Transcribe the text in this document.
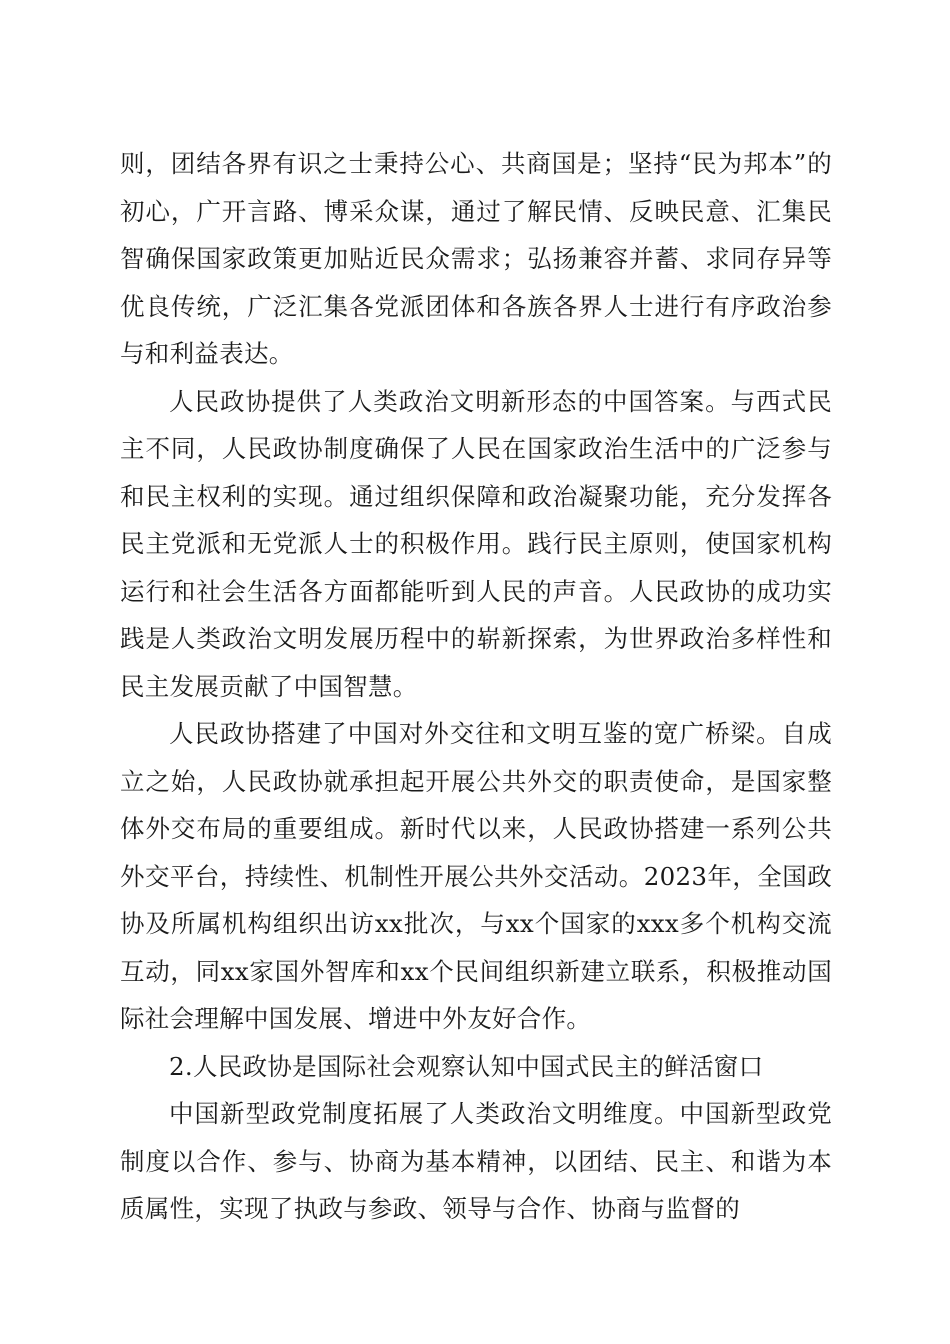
则，团结各界有识之士秉持公心、共商国是；坚持“民为邦本”的初心，广开言路、博采众谋，通过了解民情、反映民意、汇集民智确保国家政策更加贴近民众需求；弘扬兼容并蓄、求同存异等优良传统，广泛汇集各党派团体和各族各界人士进行有序政治参与和利益表达。

人民政协提供了人类政治文明新形态的中国答案。与西式民主不同，人民政协制度确保了人民在国家政治生活中的广泛参与和民主权利的实现。通过组织保障和政治凝聚功能，充分发挥各民主党派和无党派人士的积极作用。践行民主原则，使国家机构运行和社会生活各方面都能听到人民的声音。人民政协的成功实践是人类政治文明发展历程中的崭新探索，为世界政治多样性和民主发展贡献了中国智慧。

人民政协搭建了中国对外交往和文明互鉴的宽广桥梁。自成立之始，人民政协就承担起开展公共外交的职责使命，是国家整体外交布局的重要组成。新时代以来，人民政协搭建一系列公共外交平台，持续性、机制性开展公共外交活动。2023年，全国政协及所属机构组织出访xx批次，与xx个国家的xxx多个机构交流互动，同xx家国外智库和xx个民间组织新建立联系，积极推动国际社会理解中国发展、增进中外友好合作。

2.人民政协是国际社会观察认知中国式民主的鲜活窗口

中国新型政党制度拓展了人类政治文明维度。中国新型政党制度以合作、参与、协商为基本精神，以团结、民主、和谐为本质属性，实现了执政与参政、领导与合作、协商与监督的
